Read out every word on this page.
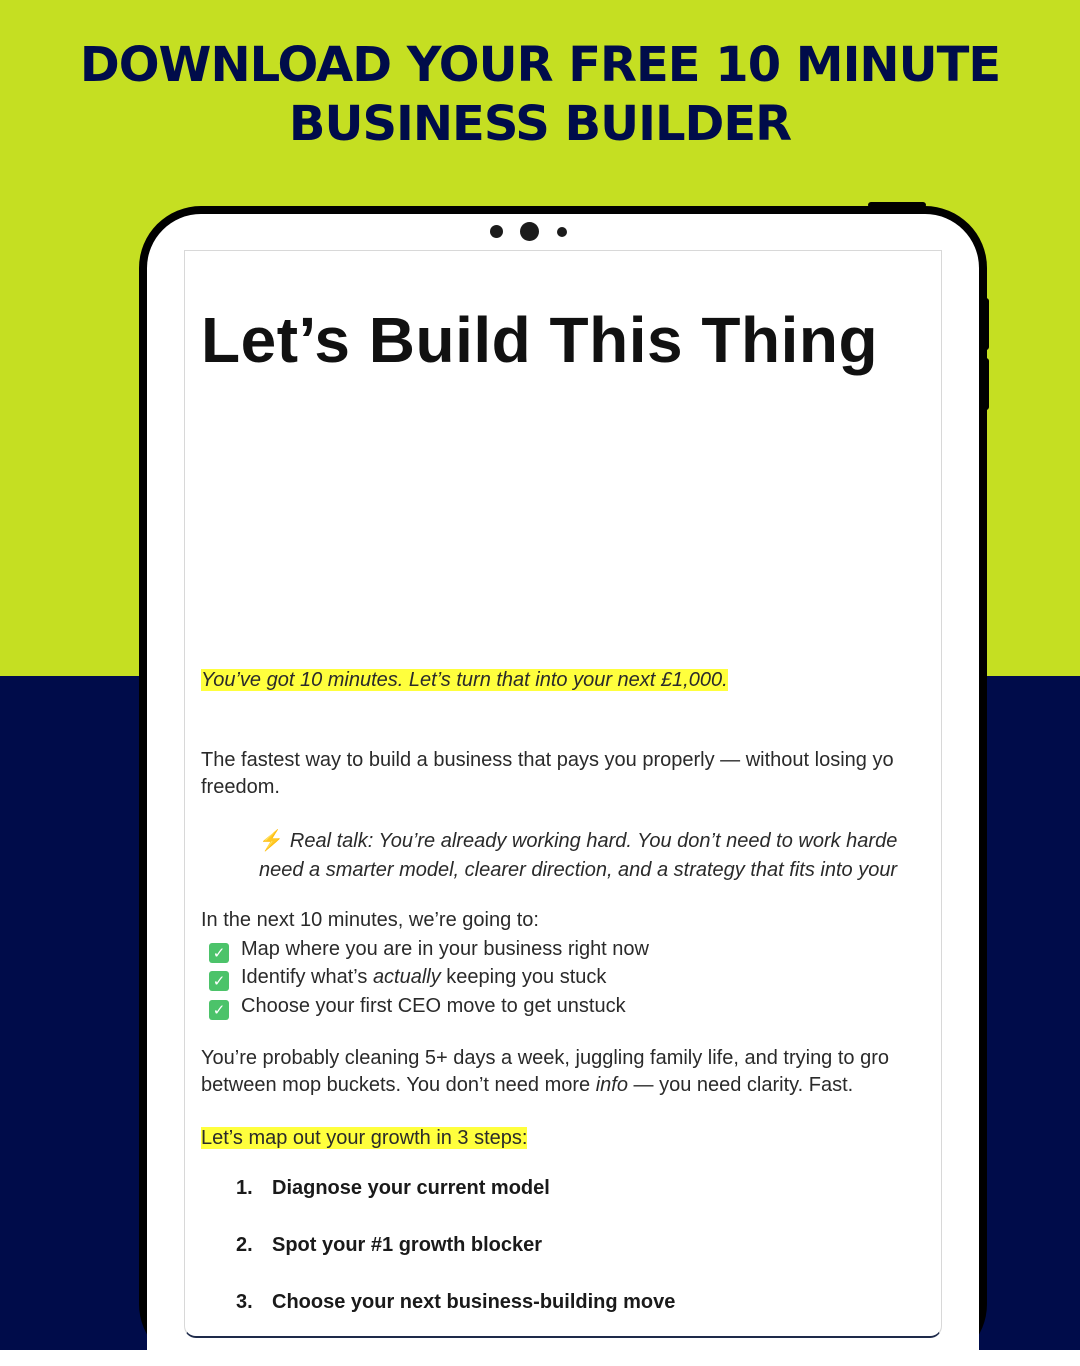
DOWNLOAD YOUR FREE 10 MINUTE
BUSINESS BUILDER
Let’s Build This Thing
You’ve got 10 minutes. Let’s turn that into your next £1,000.
The fastest way to build a business that pays you properly — without losing yo
freedom.
⚡ Real talk: You’re already working hard. You don’t need to work harde
need a smarter model, clearer direction, and a strategy that fits into your
In the next 10 minutes, we’re going to:
✓ Map where you are in your business right now
✓ Identify what’s actually keeping you stuck
✓ Choose your first CEO move to get unstuck
You’re probably cleaning 5+ days a week, juggling family life, and trying to gro
between mop buckets. You don’t need more info — you need clarity. Fast.
Let’s map out your growth in 3 steps:
1. Diagnose your current model
2. Spot your #1 growth blocker
3. Choose your next business-building move
